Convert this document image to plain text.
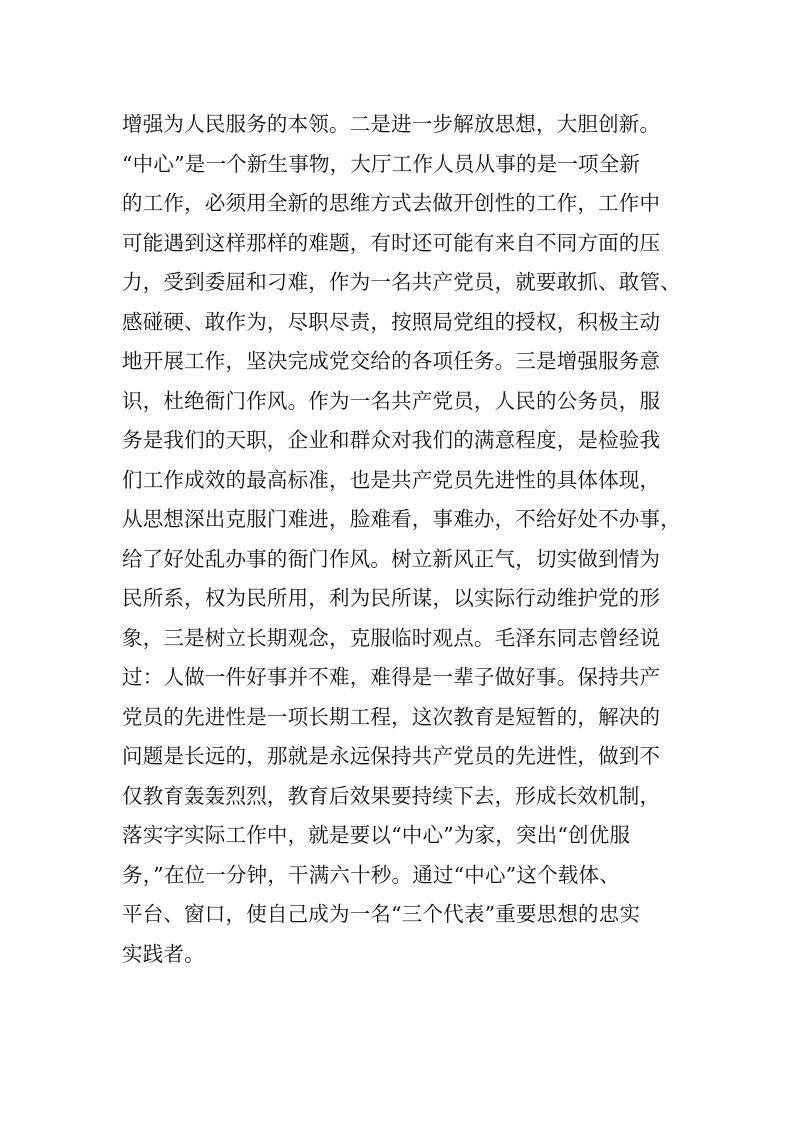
增强为人民服务的本领。二是进一步解放思想，大胆创新。
“中心”是一个新生事物，大厅工作人员从事的是一项全新
的工作，必须用全新的思维方式去做开创性的工作，工作中
可能遇到这样那样的难题，有时还可能有来自不同方面的压
力，受到委屈和刁难，作为一名共产党员，就要敢抓、敢管、
感碰硬、敢作为，尽职尽责，按照局党组的授权，积极主动
地开展工作，坚决完成党交给的各项任务。三是增强服务意
识，杜绝衙门作风。作为一名共产党员，人民的公务员，服
务是我们的天职，企业和群众对我们的满意程度，是检验我
们工作成效的最高标准，也是共产党员先进性的具体体现，
从思想深出克服门难进，脸难看，事难办，不给好处不办事，
给了好处乱办事的衙门作风。树立新风正气，切实做到情为
民所系，权为民所用，利为民所谋，以实际行动维护党的形
象，三是树立长期观念，克服临时观点。毛泽东同志曾经说
过：人做一件好事并不难，难得是一辈子做好事。保持共产
党员的先进性是一项长期工程，这次教育是短暂的，解决的
问题是长远的，那就是永远保持共产党员的先进性，做到不
仅教育轰轰烈烈，教育后效果要持续下去，形成长效机制，
落实字实际工作中，就是要以“中心”为家，突出“创优服
务，”在位一分钟，干满六十秒。通过“中心”这个载体、
平台、窗口，使自己成为一名“三个代表”重要思想的忠实
实践者。
